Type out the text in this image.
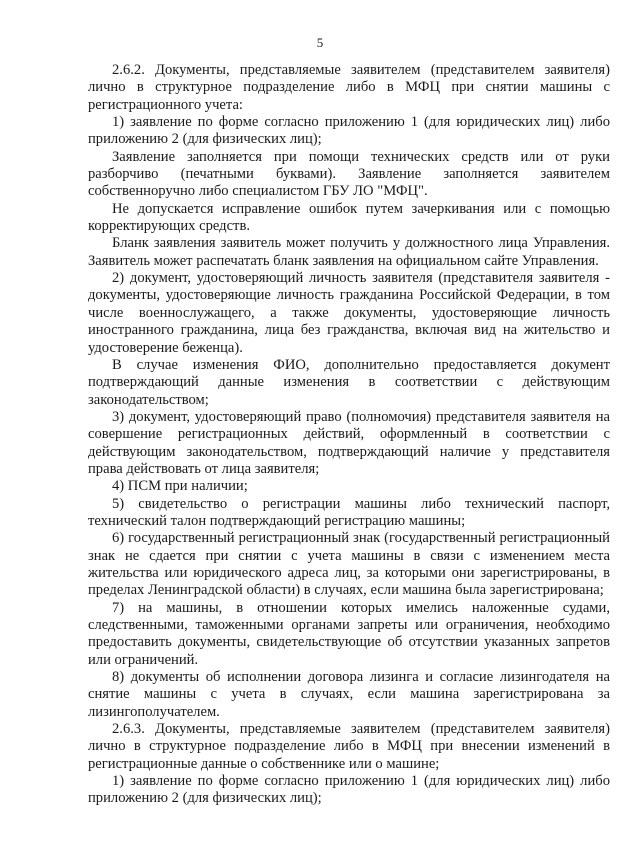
5

2.6.2. Документы, представляемые заявителем (представителем заявителя) лично в структурное подразделение либо в МФЦ при снятии машины с регистрационного учета:

1) заявление по форме согласно приложению 1 (для юридических лиц) либо приложению 2 (для физических лиц);

Заявление заполняется при помощи технических средств или от руки разборчиво (печатными буквами). Заявление заполняется заявителем собственноручно либо специалистом ГБУ ЛО "МФЦ".

Не допускается исправление ошибок путем зачеркивания или с помощью корректирующих средств.

Бланк заявления заявитель может получить у должностного лица Управления. Заявитель может распечатать бланк заявления на официальном сайте Управления.

2) документ, удостоверяющий личность заявителя (представителя заявителя - документы, удостоверяющие личность гражданина Российской Федерации, в том числе военнослужащего, а также документы, удостоверяющие личность иностранного гражданина, лица без гражданства, включая вид на жительство и удостоверение беженца).

В случае изменения ФИО, дополнительно предоставляется документ подтверждающий данные изменения в соответствии с действующим законодательством;

3) документ, удостоверяющий право (полномочия) представителя заявителя на совершение регистрационных действий, оформленный в соответствии с действующим законодательством, подтверждающий наличие у представителя права действовать от лица заявителя;

4) ПСМ при наличии;

5) свидетельство о регистрации машины либо технический паспорт, технический талон подтверждающий регистрацию машины;

6) государственный регистрационный знак (государственный регистрационный знак не сдается при снятии с учета машины в связи с изменением места жительства или юридического адреса лиц, за которыми они зарегистрированы, в пределах Ленинградской области) в случаях, если машина была зарегистрирована;

7) на машины, в отношении которых имелись наложенные судами, следственными, таможенными органами запреты или ограничения, необходимо предоставить документы, свидетельствующие об отсутствии указанных запретов или ограничений.

8) документы об исполнении договора лизинга и согласие лизингодателя на снятие машины с учета в случаях, если машина зарегистрирована за лизингополучателем.

2.6.3. Документы, представляемые заявителем (представителем заявителя) лично в структурное подразделение либо в МФЦ при внесении изменений в регистрационные данные о собственнике или о машине;

1) заявление по форме согласно приложению 1 (для юридических лиц) либо приложению 2 (для физических лиц);
